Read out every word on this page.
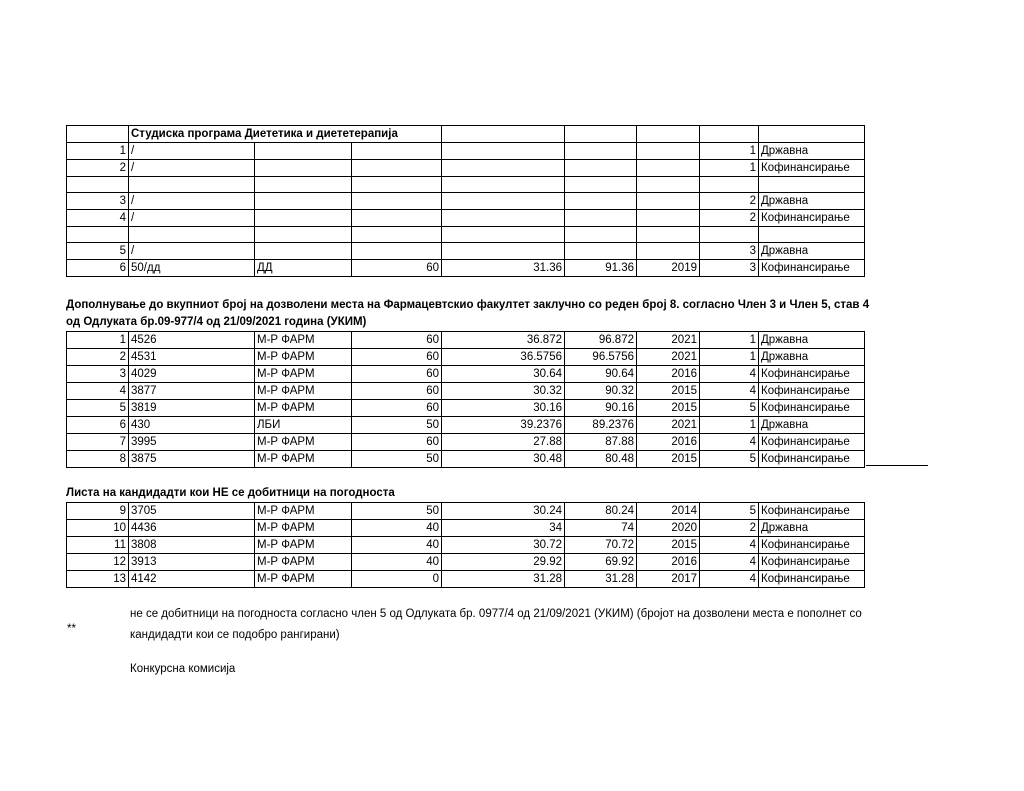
	Студиска програма Диететика и диететерапија							
1	/						1	Државна
2	/						1	Кофинансирање

3	/						2	Државна
4	/						2	Кофинансирање

5	/						3	Државна
6	50/дд	ДД	60	31.36	91.36	2019	3	Кофинансирање
Дополнување до вкупниот број на дозволени места на Фармацевтскио факултет заклучно со реден број 8. согласно Член 3 и Член 5, став 4
од Одлуката бр.09-977/4 од 21/09/2021 година (УКИМ)
1	4526	М-Р ФАРМ	60	36.872	96.872	2021	1	Државна
2	4531	М-Р ФАРМ	60	36.5756	96.5756	2021	1	Државна
3	4029	М-Р ФАРМ	60	30.64	90.64	2016	4	Кофинансирање
4	3877	М-Р ФАРМ	60	30.32	90.32	2015	4	Кофинансирање
5	3819	М-Р ФАРМ	60	30.16	90.16	2015	5	Кофинансирање
6	430	ЛБИ	50	39.2376	89.2376	2021	1	Државна
7	3995	М-Р ФАРМ	60	27.88	87.88	2016	4	Кофинансирање
8	3875	М-Р ФАРМ	50	30.48	80.48	2015	5	Кофинансирање
Листа на кандидадти кои НЕ се добитници на погодноста
9	3705	М-Р ФАРМ	50	30.24	80.24	2014	5	Кофинансирање
10	4436	М-Р ФАРМ	40	34	74	2020	2	Државна
11	3808	М-Р ФАРМ	40	30.72	70.72	2015	4	Кофинансирање
12	3913	М-Р ФАРМ	40	29.92	69.92	2016	4	Кофинансирање
13	4142	М-Р ФАРМ	0	31.28	31.28	2017	4	Кофинансирање
не се добитници на погодноста согласно член 5 од Одлуката бр. 0977/4 од 21/09/2021 (УКИМ) (бројот на дозволени места е пополнет со
кандидадти кои се подобро рангирани)
**
Конкурсна комисија
